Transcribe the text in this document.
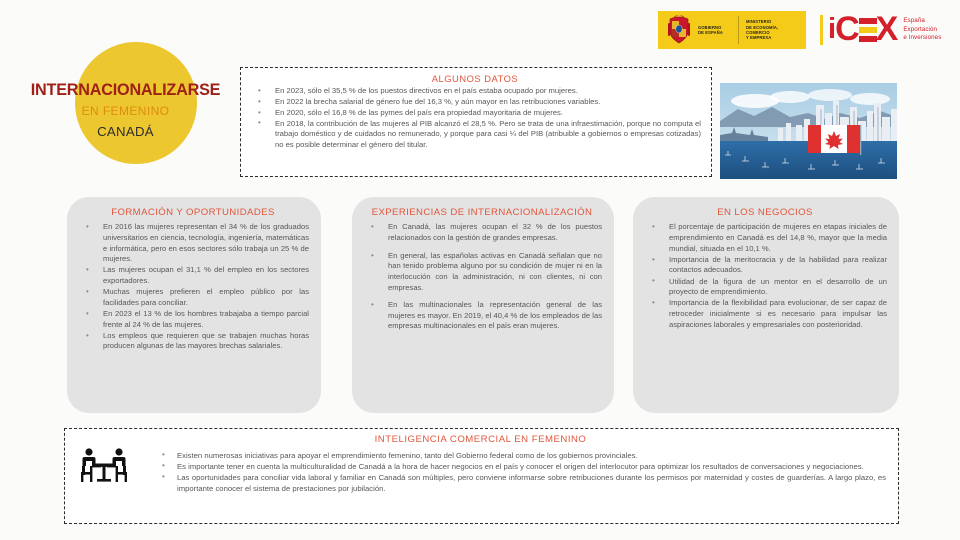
GOBIERNO
DE ESPAÑA
MINISTERIO
DE ECONOMÍA, COMERCIO
Y EMPRESA	i C X España
Exportación
e Inversiones
INTERNACIONALIZARSE
EN FEMENINO
CANADÁ
ALGUNOS DATOS
• En 2023, sólo el 35,5 % de los puestos directivos en el país estaba ocupado por mujeres.
• En 2022 la brecha salarial de género fue del 16,3 %, y aún mayor en las retribuciones variables.
• En 2020, sólo el 16,8 % de las pymes del país era propiedad mayoritaria de mujeres.
• En 2018, la contribución de las mujeres al PIB alcanzó el 28,5 %. Pero se trata de una infraestimación, porque no computa el trabajo doméstico y de cuidados no remunerado, y porque para casi ¼ del PIB (atribuible a gobiernos o empresas cotizadas) no es posible determinar el género del titular.
FORMACIÓN Y OPORTUNIDADES
• En 2016 las mujeres representan el 34 % de los graduados universitarios en ciencia, tecnología, ingeniería, matemáticas e informática, pero en esos sectores sólo trabaja un 25 % de mujeres.
• Las mujeres ocupan el 31,1 % del empleo en los sectores exportadores.
• Muchas mujeres prefieren el empleo público por las facilidades para conciliar.
• En 2023 el 13 % de los hombres trabajaba a tiempo parcial frente al 24 % de las mujeres.
• Los empleos que requieren que se trabajen muchas horas producen algunas de las mayores brechas salariales.
EXPERIENCIAS DE INTERNACIONALIZACIÓN
• En Canadá, las mujeres ocupan el 32 % de los puestos relacionados con la gestión de grandes empresas.
• En general, las españolas activas en Canadá señalan que no han tenido problema alguno por su condición de mujer ni en la interlocución con la administración, ni con clientes, ni con empresas.
• En las multinacionales la representación general de las mujeres es mayor. En 2019, el 40,4 % de los empleados de las empresas multinacionales en el país eran mujeres.
EN LOS NEGOCIOS
• El porcentaje de participación de mujeres en etapas iniciales de emprendimiento en Canadá es del 14,8 %, mayor que la media mundial, situada en el 10,1 %.
• Importancia de la meritocracia y de la habilidad para realizar contactos adecuados.
• Utilidad de la figura de un mentor en el desarrollo de un proyecto de emprendimiento.
• Importancia de la flexibilidad para evolucionar, de ser capaz de retroceder inicialmente si es necesario para impulsar las aspiraciones laborales y empresariales con posterioridad.
INTELIGENCIA COMERCIAL EN FEMENINO
• Existen numerosas iniciativas para apoyar el emprendimiento femenino, tanto del Gobierno federal como de los gobiernos provinciales.
• Es importante tener en cuenta la multiculturalidad de Canadá a la hora de hacer negocios en el país y conocer el origen del interlocutor para optimizar los resultados de conversaciones y negociaciones.
• Las oportunidades para conciliar vida laboral y familiar en Canadá son múltiples, pero conviene informarse sobre retribuciones durante los permisos por maternidad y costes de guarderías. A largo plazo, es importante conocer el sistema de prestaciones por jubilación.
